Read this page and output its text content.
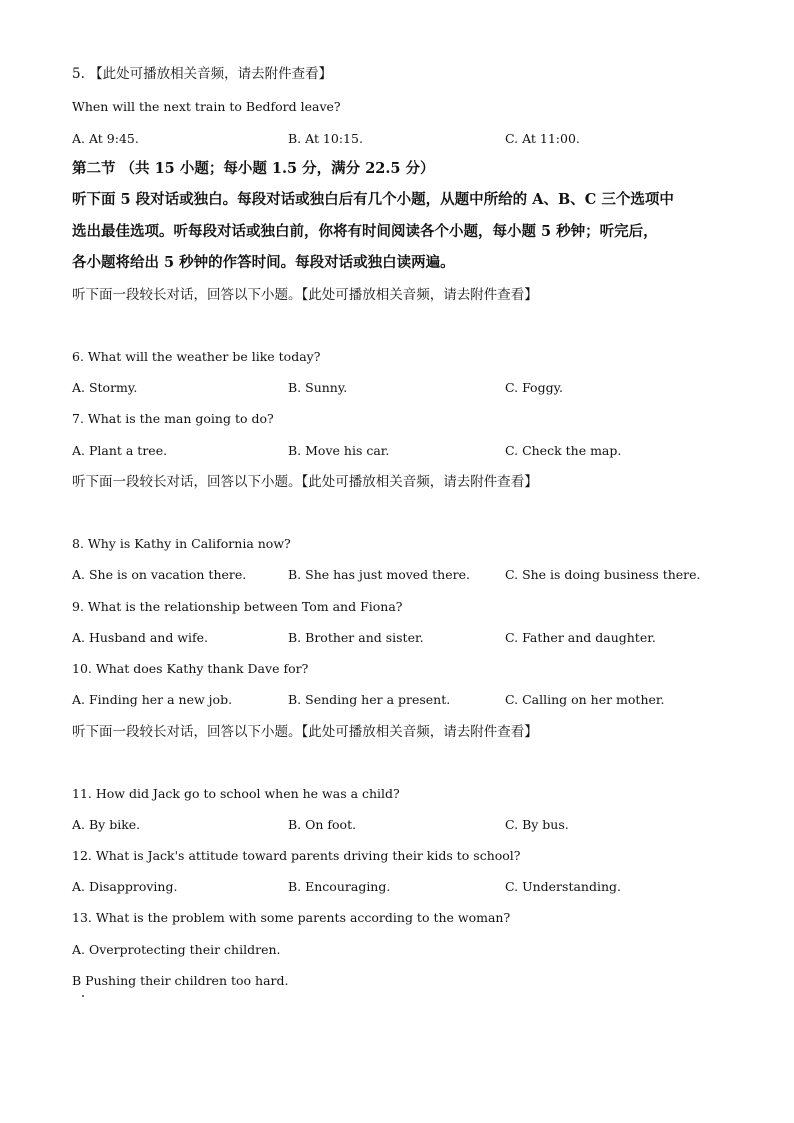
5. 【此处可播放相关音频，请去附件查看】
When will the next train to Bedford leave?
A. At 9:45.	B. At 10:15.	C. At 11:00.
第二节 （共 15 小题；每小题 1.5 分，满分 22.5 分）
听下面 5 段对话或独白。每段对话或独白后有几个小题，从题中所给的 A、B、C 三个选项中
选出最佳选项。听每段对话或独白前，你将有时间阅读各个小题，每小题 5 秒钟；听完后，
各小题将给出 5 秒钟的作答时间。每段对话或独白读两遍。
听下面一段较长对话，回答以下小题。【此处可播放相关音频，请去附件查看】
6. What will the weather be like today?
A. Stormy.	B. Sunny.	C. Foggy.
7. What is the man going to do?
A. Plant a tree.	B. Move his car.	C. Check the map.
听下面一段较长对话，回答以下小题。【此处可播放相关音频，请去附件查看】
8. Why is Kathy in California now?
A. She is on vacation there.	B. She has just moved there.	C. She is doing business there.
9. What is the relationship between Tom and Fiona?
A. Husband and wife.	B. Brother and sister.	C. Father and daughter.
10. What does Kathy thank Dave for?
A. Finding her a new job.	B. Sending her a present.	C. Calling on her mother.
听下面一段较长对话，回答以下小题。【此处可播放相关音频，请去附件查看】
11. How did Jack go to school when he was a child?
A. By bike.	B. On foot.	C. By bus.
12. What is Jack's attitude toward parents driving their kids to school?
A. Disapproving.	B. Encouraging.	C. Understanding.
13. What is the problem with some parents according to the woman?
A. Overprotecting their children.
B Pushing their children too hard.
